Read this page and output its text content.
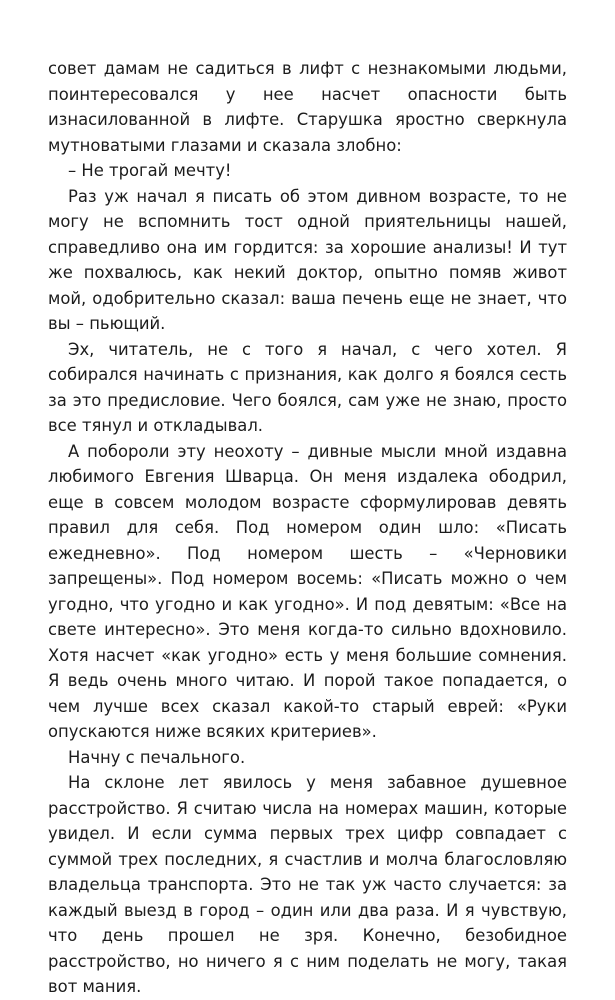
совет дамам не садиться в лифт с незнакомыми людьми, поинтересовался у нее насчет опасности быть изнасилованной в лифте. Старушка яростно сверкнула мутноватыми глазами и сказала злобно:

– Не трогай мечту!

Раз уж начал я писать об этом дивном возрасте, то не могу не вспомнить тост одной приятельницы нашей, справедливо она им гордится: за хорошие анализы! И тут же похвалюсь, как некий доктор, опытно помяв живот мой, одобрительно сказал: ваша печень еще не знает, что вы – пьющий.

Эх, читатель, не с того я начал, с чего хотел. Я собирался начинать с признания, как долго я боялся сесть за это предисловие. Чего боялся, сам уже не знаю, просто все тянул и откладывал.

А побороли эту неохоту – дивные мысли мной издавна любимого Евгения Шварца. Он меня издалека ободрил, еще в совсем молодом возрасте сформулировав девять правил для себя. Под номером один шло: «Писать ежедневно». Под номером шесть – «Черновики запрещены». Под номером восемь: «Писать можно о чем угодно, что угодно и как угодно». И под девятым: «Все на свете интересно». Это меня когда-то сильно вдохновило. Хотя насчет «как угодно» есть у меня большие сомнения. Я ведь очень много читаю. И порой такое попадается, о чем лучше всех сказал какой-то старый еврей: «Руки опускаются ниже всяких критериев».

Начну с печального.

На склоне лет явилось у меня забавное душевное расстройство. Я считаю числа на номерах машин, которые увидел. И если сумма первых трех цифр совпадает с суммой трех последних, я счастлив и молча благословляю владельца транспорта. Это не так уж часто случается: за каждый выезд в город – один или два раза. И я чувствую, что день прошел не зря. Конечно, безобидное расстройство, но ничего я с ним поделать не могу, такая вот мания.
